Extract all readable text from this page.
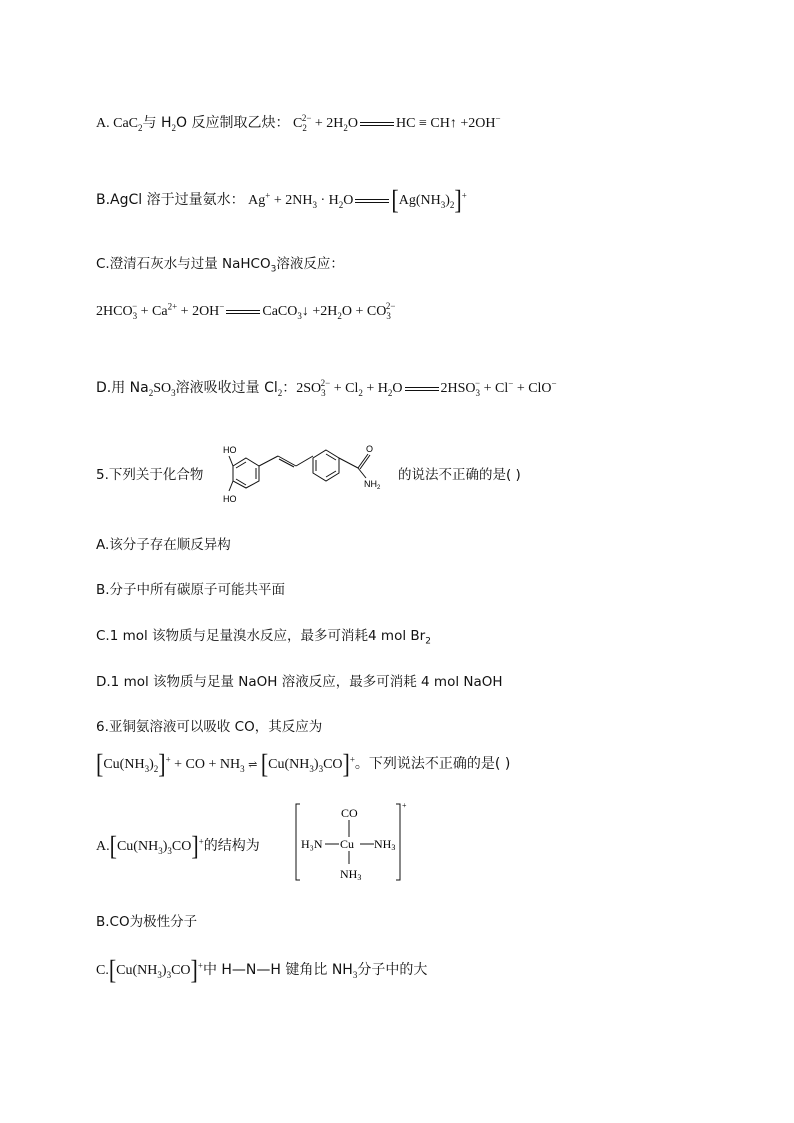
A. CaC$_2$与 $H_2O$ 反应制取乙炔： $C_2^{2-} + 2H_2O$	HC ≡ CH↑ +2OH−
B.AgCl 溶于过量氨水： $Ag^+ + 2NH_3 \cdot H_2O$ $[Ag(NH_3)_2]^+$
C.澄清石灰水与过量 NaHCO$_3$溶液反应：
$2HCO_3^- + Ca^{2+} + 2OH^-$	CaCO$_3$↓ $+2H_2O + CO_3^{2-}$
D.用 $Na_2SO_3$溶液吸收过量 $Cl_2$：$2SO_3^{2-} + Cl_2 + H_2O$	$2HSO_3^- + Cl^- + ClO^-$
5.下列关于化合物
HO
HO
O
$NH_2$
的说法不正确的是( )
A.该分子存在顺反异构
B.分子中所有碳原子可能共平面
C.1 mol 该物质与足量溴水反应，最多可消耗4 mol $Br_2$
D.1 mol 该物质与足量 NaOH 溶液反应，最多可消耗 4 mol NaOH
6.亚铜氨溶液可以吸收 CO，其反应为
$[Cu(NH_3)_2]^+$ + CO + $NH_3$ ⇌ $[Cu(NH_3)_3CO]^+$。下列说法不正确的是( )
$A.[Cu(NH_3)_3CO]^+$的结构为
+
CO
Cu
H₃N	NH3
NH3
B.CO为极性分子
$C.[Cu(NH_3)_3CO]^+$中 H—N—H 键角比 $NH_3$分子中的大
